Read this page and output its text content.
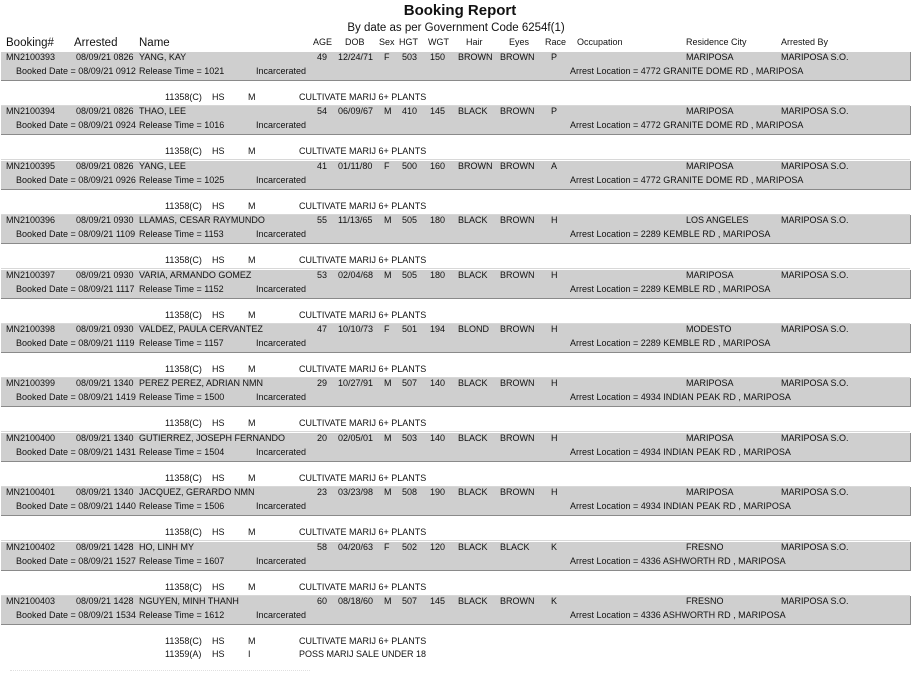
Booking Report
By date as per Government Code 6254f(1)
Booking# Arrested Name	AGE DOB Sex HGT WGT Hair	Eyes Race Occupation	Residence City	Arrested By
MN2100393 08/09/21 0826 YANG, KAY	49 12/24/71 F 503 150 BROWN BROWN P	MARIPOSA	MARIPOSA S.O.
Booked Date = 08/09/21 0912 Release Time = 1021	Incarcerated	Arrest Location = 4772 GRANITE DOME RD , MARIPOSA
11358(C) HS	M	CULTIVATE MARIJ 6+ PLANTS
MN2100394 08/09/21 0826 THAO, LEE	54 06/09/67 M 410 145 BLACK BROWN P	MARIPOSA	MARIPOSA S.O.
Booked Date = 08/09/21 0924 Release Time = 1016	Incarcerated	Arrest Location = 4772 GRANITE DOME RD , MARIPOSA
11358(C) HS	M	CULTIVATE MARIJ 6+ PLANTS
MN2100395 08/09/21 0826 YANG, LEE	41 01/11/80 F 500 160 BROWN BROWN A	MARIPOSA	MARIPOSA S.O.
Booked Date = 08/09/21 0926 Release Time = 1025	Incarcerated	Arrest Location = 4772 GRANITE DOME RD , MARIPOSA
11358(C) HS	M	CULTIVATE MARIJ 6+ PLANTS
MN2100396 08/09/21 0930 LLAMAS, CESAR RAYMUNDO	55 11/13/65 M 505 180 BLACK BROWN H	LOS ANGELES	MARIPOSA S.O.
Booked Date = 08/09/21 1109 Release Time = 1153	Incarcerated	Arrest Location = 2289 KEMBLE RD , MARIPOSA
11358(C) HS	M	CULTIVATE MARIJ 6+ PLANTS
MN2100397 08/09/21 0930 VARIA, ARMANDO GOMEZ	53 02/04/68 M 505 180 BLACK BROWN H	MARIPOSA	MARIPOSA S.O.
Booked Date = 08/09/21 1117 Release Time = 1152	Incarcerated	Arrest Location = 2289 KEMBLE RD , MARIPOSA
11358(C) HS	M	CULTIVATE MARIJ 6+ PLANTS
MN2100398 08/09/21 0930 VALDEZ, PAULA CERVANTEZ	47 10/10/73 F 501 194 BLOND BROWN H	MODESTO	MARIPOSA S.O.
Booked Date = 08/09/21 1119 Release Time = 1157	Incarcerated	Arrest Location = 2289 KEMBLE RD , MARIPOSA
11358(C) HS	M	CULTIVATE MARIJ 6+ PLANTS
MN2100399 08/09/21 1340 PEREZ PEREZ, ADRIAN NMN	29 10/27/91 M 507 140 BLACK BROWN H	MARIPOSA	MARIPOSA S.O.
Booked Date = 08/09/21 1419 Release Time = 1500	Incarcerated	Arrest Location = 4934 INDIAN PEAK RD , MARIPOSA
11358(C) HS	M	CULTIVATE MARIJ 6+ PLANTS
MN2100400 08/09/21 1340 GUTIERREZ, JOSEPH FERNANDO	20 02/05/01 M 503 140 BLACK BROWN H	MARIPOSA	MARIPOSA S.O.
Booked Date = 08/09/21 1431 Release Time = 1504	Incarcerated	Arrest Location = 4934 INDIAN PEAK RD , MARIPOSA
11358(C) HS	M	CULTIVATE MARIJ 6+ PLANTS
MN2100401 08/09/21 1340 JACQUEZ, GERARDO NMN	23 03/23/98 M 508 190 BLACK BROWN H	MARIPOSA	MARIPOSA S.O.
Booked Date = 08/09/21 1440 Release Time = 1506	Incarcerated	Arrest Location = 4934 INDIAN PEAK RD , MARIPOSA
11358(C) HS	M	CULTIVATE MARIJ 6+ PLANTS
MN2100402 08/09/21 1428 HO, LINH MY	58 04/20/63 F 502 120 BLACK BLACK K	FRESNO	MARIPOSA S.O.
Booked Date = 08/09/21 1527 Release Time = 1607	Incarcerated	Arrest Location = 4336 ASHWORTH RD , MARIPOSA
11358(C) HS	M	CULTIVATE MARIJ 6+ PLANTS
MN2100403 08/09/21 1428 NGUYEN, MINH THANH	60 08/18/60 M 507 145 BLACK BROWN K	FRESNO	MARIPOSA S.O.
Booked Date = 08/09/21 1534 Release Time = 1612	Incarcerated	Arrest Location = 4336 ASHWORTH RD , MARIPOSA
11358(C) HS	M	CULTIVATE MARIJ 6+ PLANTS
11359(A) HS	I	POSS MARIJ SALE UNDER 18
